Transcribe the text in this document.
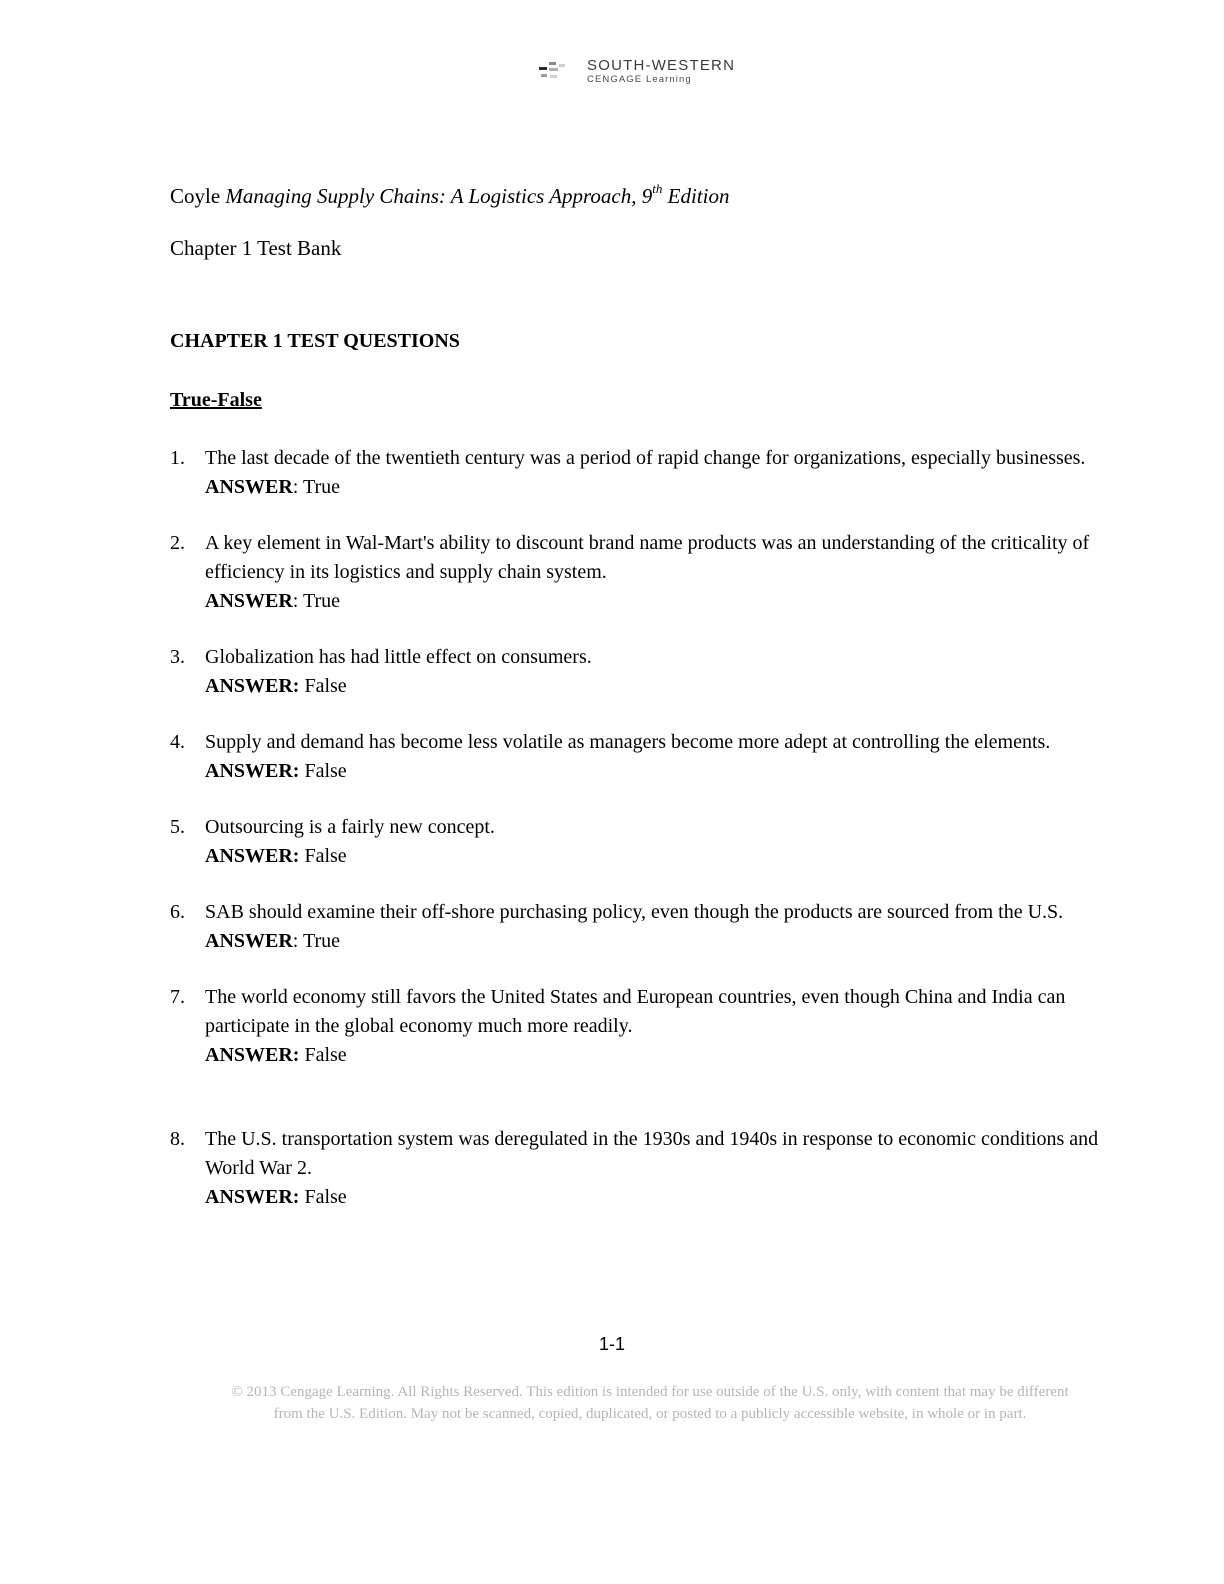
SOUTH-WESTERN
CENGAGE Learning
Coyle Managing Supply Chains: A Logistics Approach, 9th Edition
Chapter 1 Test Bank
CHAPTER 1 TEST QUESTIONS
True-False
1.	The last decade of the twentieth century was a period of rapid change for organizations, especially businesses.
ANSWER: True
2.	A key element in Wal-Mart's ability to discount brand name products was an understanding of the criticality of efficiency in its logistics and supply chain system.
ANSWER: True
3.	Globalization has had little effect on consumers.
ANSWER: False
4.	Supply and demand has become less volatile as managers become more adept at controlling the elements.
ANSWER: False
5.	Outsourcing is a fairly new concept.
ANSWER: False
6.	SAB should examine their off-shore purchasing policy, even though the products are sourced from the U.S.
ANSWER: True
7.	The world economy still favors the United States and European countries, even though China and India can participate in the global economy much more readily.
ANSWER: False
8.	The U.S. transportation system was deregulated in the 1930s and 1940s in response to economic conditions and World War 2.
ANSWER: False
1-1
© 2013 Cengage Learning. All Rights Reserved. This edition is intended for use outside of the U.S. only, with content that may be different
from the U.S. Edition. May not be scanned, copied, duplicated, or posted to a publicly accessible website, in whole or in part.
